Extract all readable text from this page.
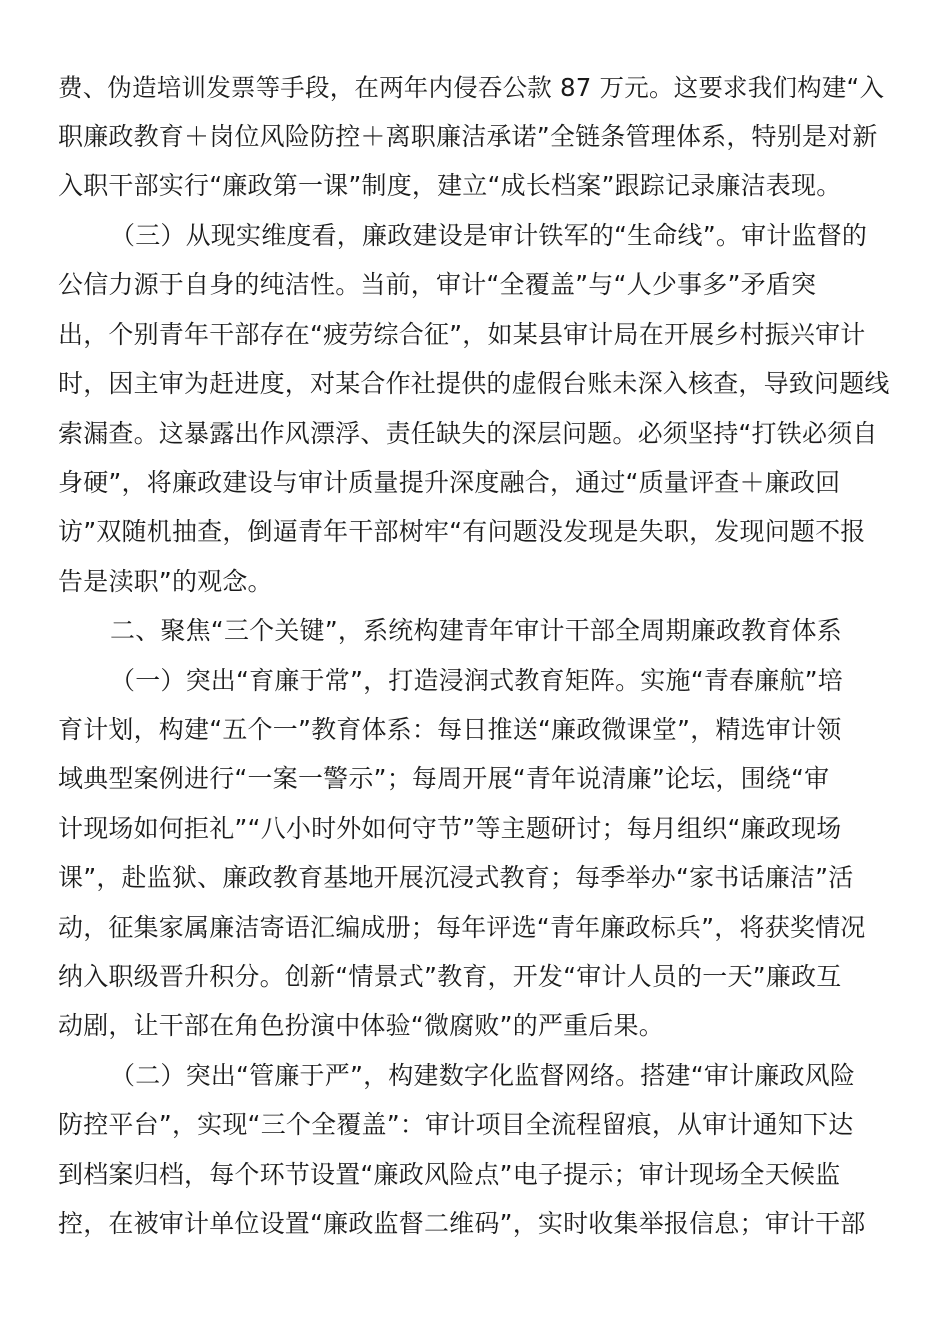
费、伪造培训发票等手段，在两年内侵吞公款 87 万元。这要求我们构建“入
职廉政教育＋岗位风险防控＋离职廉洁承诺”全链条管理体系，特别是对新
入职干部实行“廉政第一课”制度，建立“成长档案”跟踪记录廉洁表现。
（三）从现实维度看，廉政建设是审计铁军的“生命线”。审计监督的
公信力源于自身的纯洁性。当前，审计“全覆盖”与“人少事多”矛盾突
出，个别青年干部存在“疲劳综合征”，如某县审计局在开展乡村振兴审计
时，因主审为赶进度，对某合作社提供的虚假台账未深入核查，导致问题线
索漏查。这暴露出作风漂浮、责任缺失的深层问题。必须坚持“打铁必须自
身硬”，将廉政建设与审计质量提升深度融合，通过“质量评查＋廉政回
访”双随机抽查，倒逼青年干部树牢“有问题没发现是失职，发现问题不报
告是渎职”的观念。
二、聚焦“三个关键”，系统构建青年审计干部全周期廉政教育体系
（一）突出“育廉于常”，打造浸润式教育矩阵。实施“青春廉航”培
育计划，构建“五个一”教育体系：每日推送“廉政微课堂”，精选审计领
域典型案例进行“一案一警示”；每周开展“青年说清廉”论坛，围绕“审
计现场如何拒礼”“八小时外如何守节”等主题研讨；每月组织“廉政现场
课”，赴监狱、廉政教育基地开展沉浸式教育；每季举办“家书话廉洁”活
动，征集家属廉洁寄语汇编成册；每年评选“青年廉政标兵”，将获奖情况
纳入职级晋升积分。创新“情景式”教育，开发“审计人员的一天”廉政互
动剧，让干部在角色扮演中体验“微腐败”的严重后果。
（二）突出“管廉于严”，构建数字化监督网络。搭建“审计廉政风险
防控平台”，实现“三个全覆盖”：审计项目全流程留痕，从审计通知下达
到档案归档，每个环节设置“廉政风险点”电子提示；审计现场全天候监
控，在被审计单位设置“廉政监督二维码”，实时收集举报信息；审计干部
